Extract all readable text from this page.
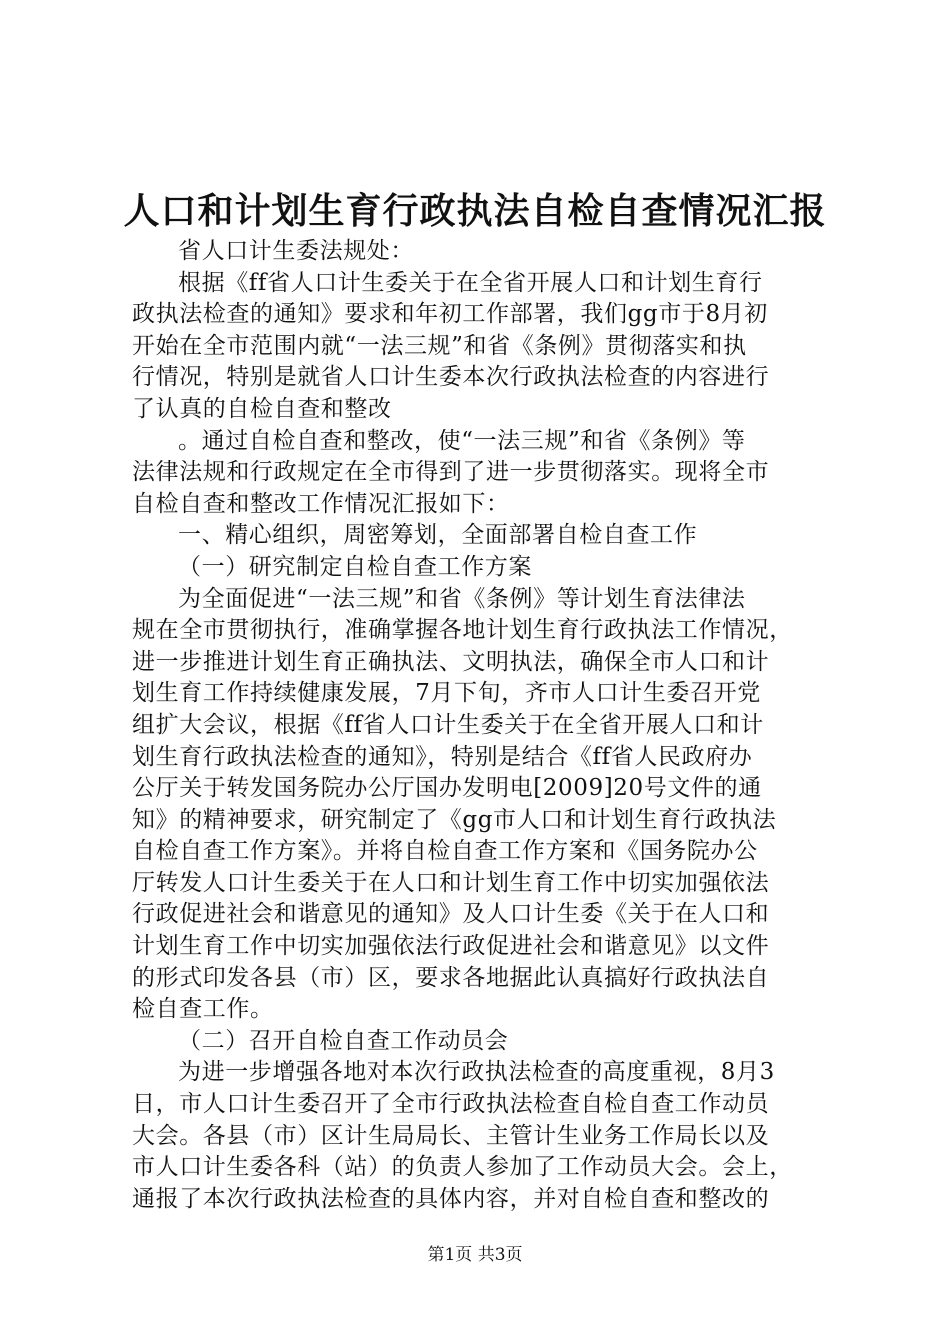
人口和计划生育行政执法自检自查情况汇报
省人口计生委法规处：
根据《ff省人口计生委关于在全省开展人口和计划生育行
政执法检查的通知》要求和年初工作部署，我们gg市于8月初
开始在全市范围内就“一法三规”和省《条例》贯彻落实和执
行情况，特别是就省人口计生委本次行政执法检查的内容进行
了认真的自检自查和整改
。通过自检自查和整改，使“一法三规”和省《条例》等
法律法规和行政规定在全市得到了进一步贯彻落实。现将全市
自检自查和整改工作情况汇报如下：
一、精心组织，周密筹划，全面部署自检自查工作
（一）研究制定自检自查工作方案
为全面促进“一法三规”和省《条例》等计划生育法律法
规在全市贯彻执行，准确掌握各地计划生育行政执法工作情况，
进一步推进计划生育正确执法、文明执法，确保全市人口和计
划生育工作持续健康发展，7月下旬，齐市人口计生委召开党
组扩大会议，根据《ff省人口计生委关于在全省开展人口和计
划生育行政执法检查的通知》，特别是结合《ff省人民政府办
公厅关于转发国务院办公厅国办发明电[2009]20号文件的通
知》的精神要求，研究制定了《gg市人口和计划生育行政执法
自检自查工作方案》。并将自检自查工作方案和《国务院办公
厅转发人口计生委关于在人口和计划生育工作中切实加强依法
行政促进社会和谐意见的通知》及人口计生委《关于在人口和
计划生育工作中切实加强依法行政促进社会和谐意见》以文件
的形式印发各县（市）区，要求各地据此认真搞好行政执法自
检自查工作。
（二）召开自检自查工作动员会
为进一步增强各地对本次行政执法检查的高度重视，8月3
日，市人口计生委召开了全市行政执法检查自检自查工作动员
大会。各县（市）区计生局局长、主管计生业务工作局长以及
市人口计生委各科（站）的负责人参加了工作动员大会。会上，
通报了本次行政执法检查的具体内容，并对自检自查和整改的
第1页 共3页
